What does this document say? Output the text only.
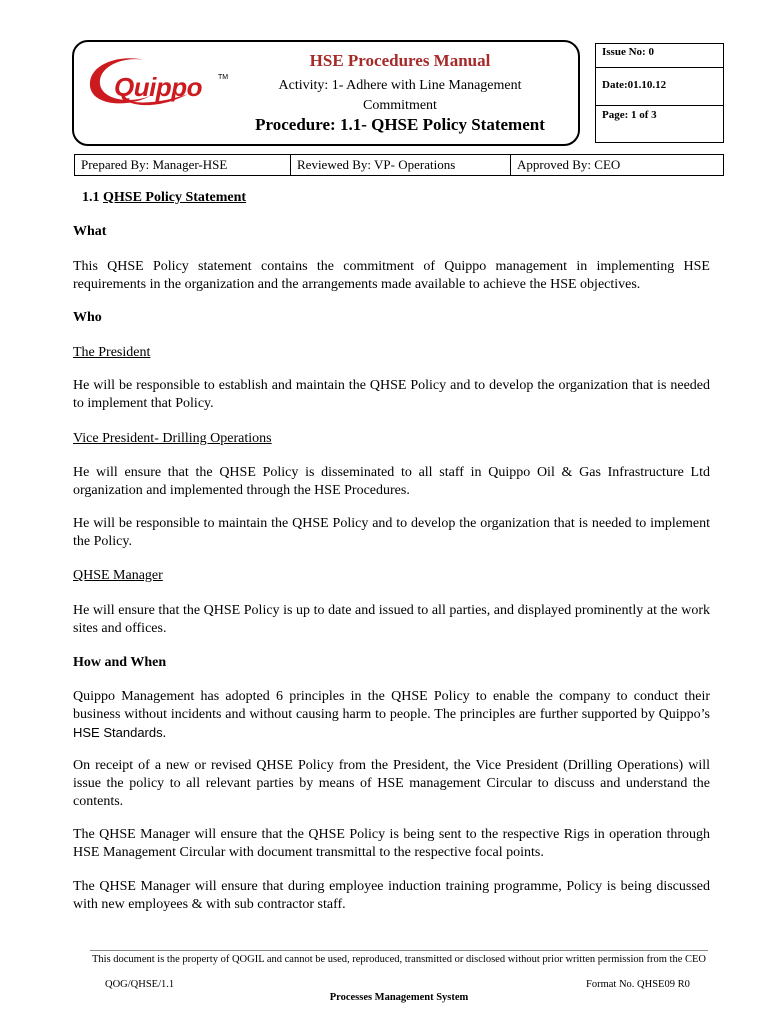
Quippo TM
HSE Procedures Manual
Activity: 1- Adhere with Line Management
Commitment
Procedure: 1.1- QHSE Policy Statement
Issue No: 0
Date:01.10.12
Page: 1 of 3
Prepared By: Manager-HSE	Reviewed By: VP- Operations	Approved By: CEO
1.1 QHSE Policy Statement
What
This QHSE Policy statement contains the commitment of Quippo management in implementing HSE requirements in the organization and the arrangements made available to achieve the HSE objectives.
Who
The President
He will be responsible to establish and maintain the QHSE Policy and to develop the organization that is needed to implement that Policy.
Vice President- Drilling Operations
He will ensure that the QHSE Policy is disseminated to all staff in Quippo Oil & Gas Infrastructure Ltd organization and implemented through the HSE Procedures.
He will be responsible to maintain the QHSE Policy and to develop the organization that is needed to implement the Policy.
QHSE Manager
He will ensure that the QHSE Policy is up to date and issued to all parties, and displayed prominently at the work sites and offices.
How and When
Quippo Management has adopted 6 principles in the QHSE Policy to enable the company to conduct their business without incidents and without causing harm to people. The principles are further supported by Quippo’s HSE Standards.
On receipt of a new or revised QHSE Policy from the President, the Vice President (Drilling Operations) will issue the policy to all relevant parties by means of HSE management Circular to discuss and understand the contents.
The QHSE Manager will ensure that the QHSE Policy is being sent to the respective Rigs in operation through HSE Management Circular with document transmittal to the respective focal points.
The QHSE Manager will ensure that during employee induction training programme, Policy is being discussed with new employees & with sub contractor staff.
This document is the property of QOGIL and cannot be used, reproduced, transmitted or disclosed without prior written permission from the CEO
QOG/QHSE/1.1	Format No. QHSE09 R0
Processes Management System
